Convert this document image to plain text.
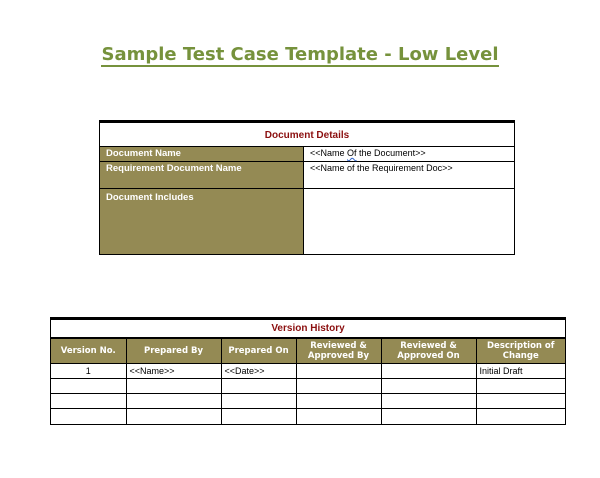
Sample Test Case Template - Low Level
Document Details
Document Name	<<Name Of the Document>>
Requirement Document Name	<<Name of the Requirement Doc>>
Document Includes
Version History
Version No.	Prepared By	Prepared On	Reviewed & Approved By	Reviewed & Approved On	Description of Change
1	<<Name>>	<<Date>>			Initial Draft
